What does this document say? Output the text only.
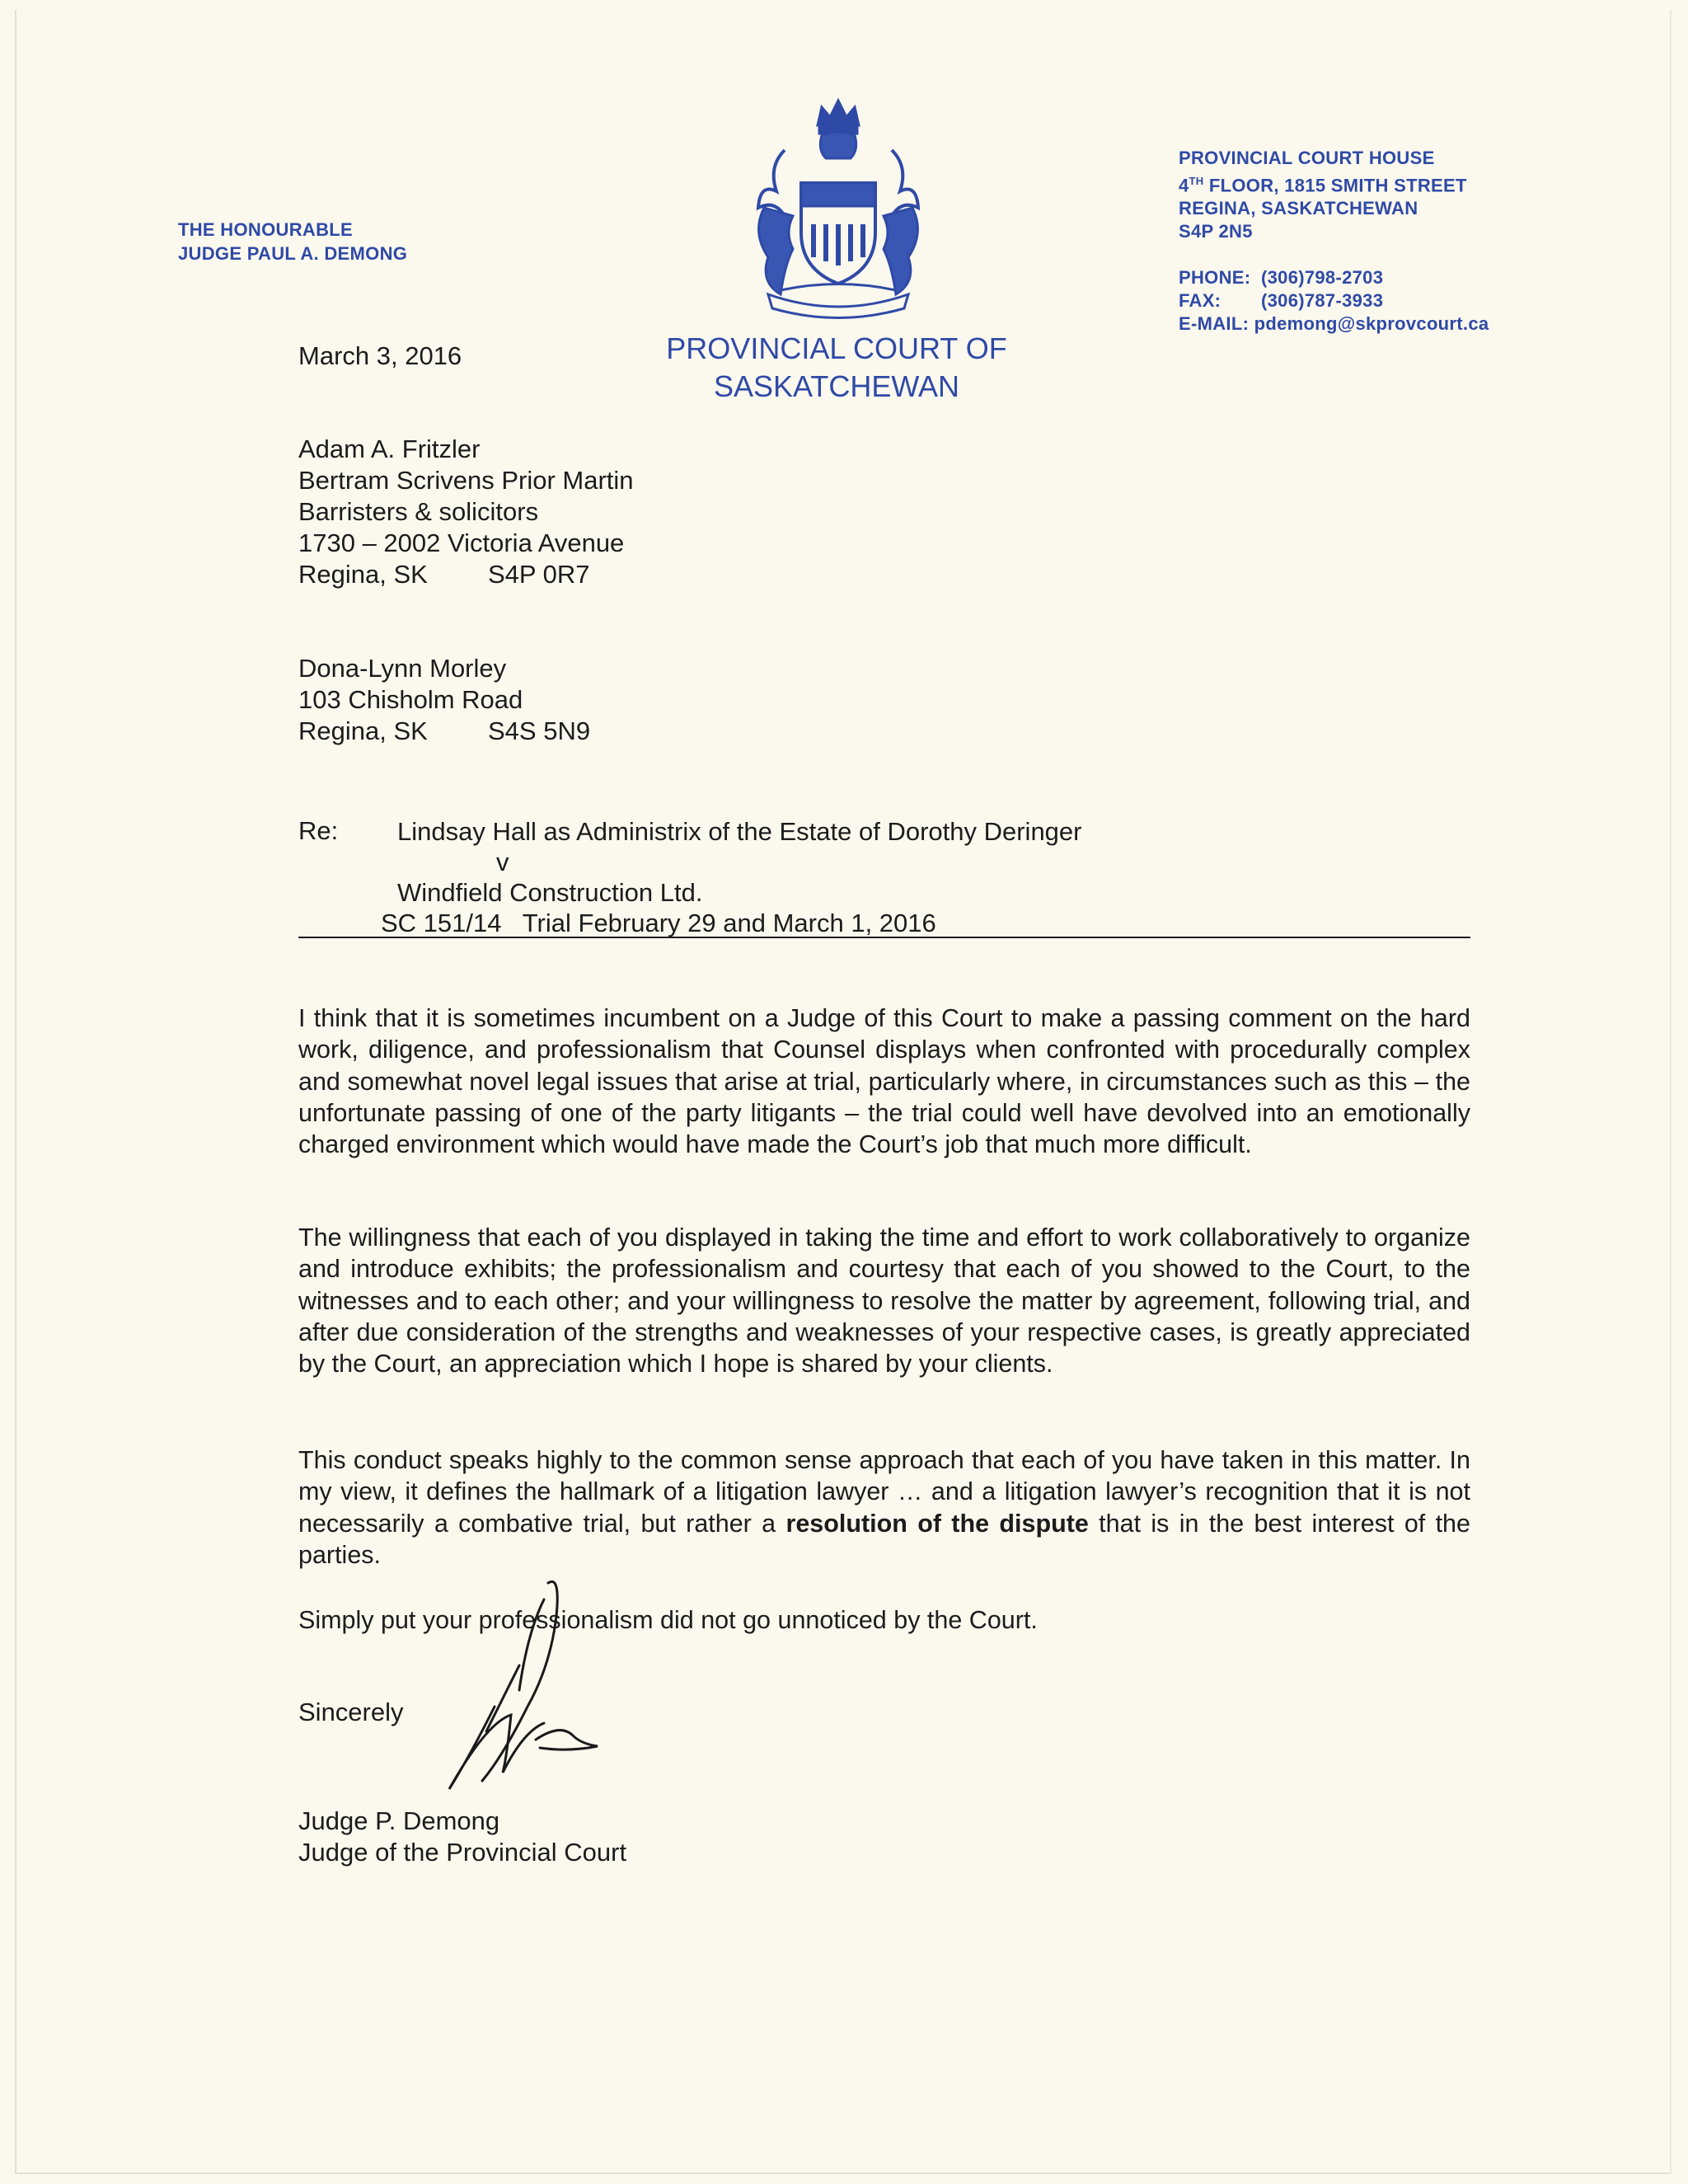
THE HONOURABLE
JUDGE PAUL A. DEMONG
PROVINCIAL COURT OF
SASKATCHEWAN
PROVINCIAL COURT HOUSE
4TH FLOOR, 1815 SMITH STREET
REGINA, SASKATCHEWAN
S4P 2N5
PHONE: (306)798-2703
FAX: (306)787-3933
E-MAIL: pdemong@skprovcourt.ca
March 3, 2016
Adam A. Fritzler
Bertram Scrivens Prior Martin
Barristers & solicitors
1730 – 2002 Victoria Avenue
Regina, SK S4P 0R7
Dona-Lynn Morley
103 Chisholm Road
Regina, SK S4S 5N9
Re: Lindsay Hall as Administrix of the Estate of Dorothy Deringer
v
Windfield Construction Ltd.
SC 151/14   Trial February 29 and March 1, 2016
I think that it is sometimes incumbent on a Judge of this Court to make a passing comment on the hard work, diligence, and professionalism that Counsel displays when confronted with procedurally complex and somewhat novel legal issues that arise at trial, particularly where, in circumstances such as this – the unfortunate passing of one of the party litigants – the trial could well have devolved into an emotionally charged environment which would have made the Court’s job that much more difficult.
The willingness that each of you displayed in taking the time and effort to work collaboratively to organize and introduce exhibits; the professionalism and courtesy that each of you showed to the Court, to the witnesses and to each other; and your willingness to resolve the matter by agreement, following trial, and after due consideration of the strengths and weaknesses of your respective cases, is greatly appreciated by the Court, an appreciation which I hope is shared by your clients.
This conduct speaks highly to the common sense approach that each of you have taken in this matter. In my view, it defines the hallmark of a litigation lawyer … and a litigation lawyer’s recognition that it is not necessarily a combative trial, but rather a resolution of the dispute that is in the best interest of the parties.
Simply put your professionalism did not go unnoticed by the Court.
Sincerely
Judge P. Demong
Judge of the Provincial Court
